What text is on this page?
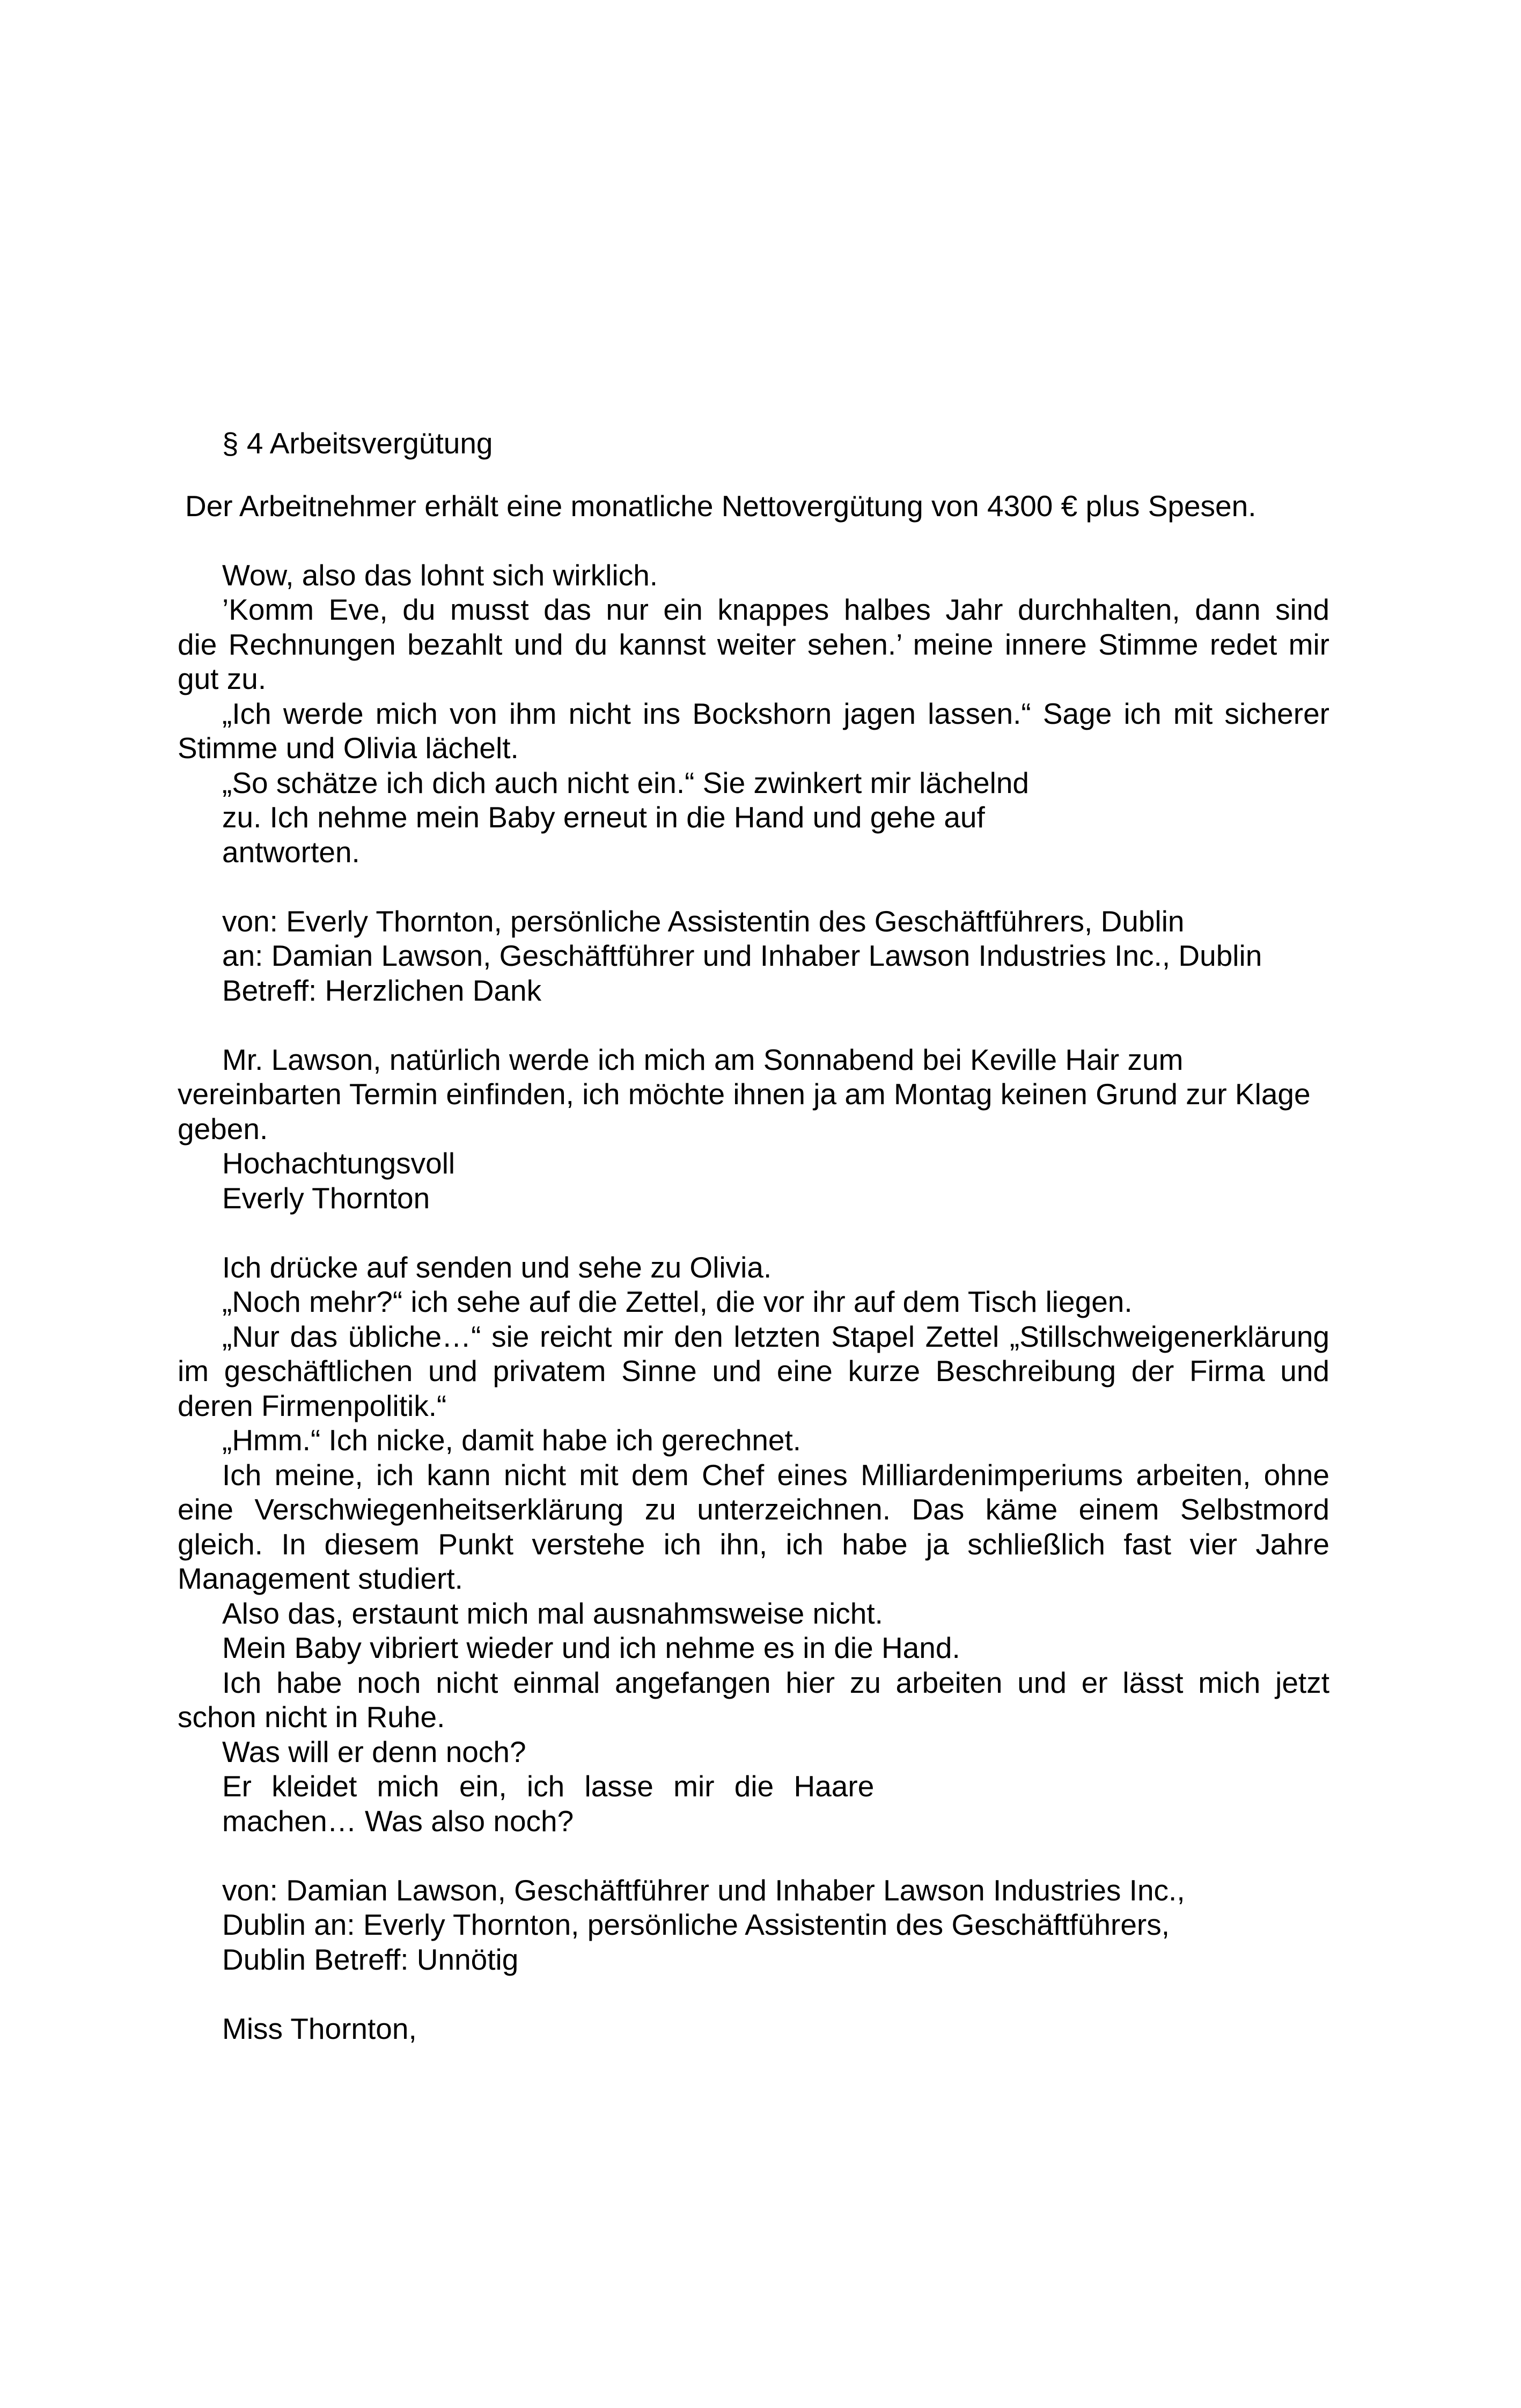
§ 4 Arbeitsvergütung
Der Arbeitnehmer erhält eine monatliche Nettovergütung von 4300 € plus Spesen.
Wow, also das lohnt sich wirklich.
’Komm Eve, du musst das nur ein knappes halbes Jahr durchhalten, dann sind
die Rechnungen bezahlt und du kannst weiter sehen.’ meine innere Stimme redet mir
gut zu.
„Ich werde mich von ihm nicht ins Bockshorn jagen lassen.“ Sage ich mit sicherer
Stimme und Olivia lächelt.
„So schätze ich dich auch nicht ein.“ Sie zwinkert mir lächelnd
zu. Ich nehme mein Baby erneut in die Hand und gehe auf
antworten.
von: Everly Thornton, persönliche Assistentin des Geschäftführers, Dublin
an: Damian Lawson, Geschäftführer und Inhaber Lawson Industries Inc., Dublin
Betreff: Herzlichen Dank
Mr. Lawson, natürlich werde ich mich am Sonnabend bei Keville Hair zum
vereinbarten Termin einfinden, ich möchte ihnen ja am Montag keinen Grund zur Klage
geben.
Hochachtungsvoll
Everly Thornton
Ich drücke auf senden und sehe zu Olivia.
„Noch mehr?“ ich sehe auf die Zettel, die vor ihr auf dem Tisch liegen.
„Nur das übliche…“ sie reicht mir den letzten Stapel Zettel „Stillschweigenerklärung
im geschäftlichen und privatem Sinne und eine kurze Beschreibung der Firma und
deren Firmenpolitik.“
„Hmm.“ Ich nicke, damit habe ich gerechnet.
Ich meine, ich kann nicht mit dem Chef eines Milliardenimperiums arbeiten, ohne
eine Verschwiegenheitserklärung zu unterzeichnen. Das käme einem Selbstmord
gleich. In diesem Punkt verstehe ich ihn, ich habe ja schließlich fast vier Jahre
Management studiert.
Also das, erstaunt mich mal ausnahmsweise nicht.
Mein Baby vibriert wieder und ich nehme es in die Hand.
Ich habe noch nicht einmal angefangen hier zu arbeiten und er lässt mich jetzt
schon nicht in Ruhe.
Was will er denn noch?
Er kleidet mich ein, ich lasse mir die Haare
machen… Was also noch?
von: Damian Lawson, Geschäftführer und Inhaber Lawson Industries Inc.,
Dublin an: Everly Thornton, persönliche Assistentin des Geschäftführers,
Dublin Betreff: Unnötig
Miss Thornton,
